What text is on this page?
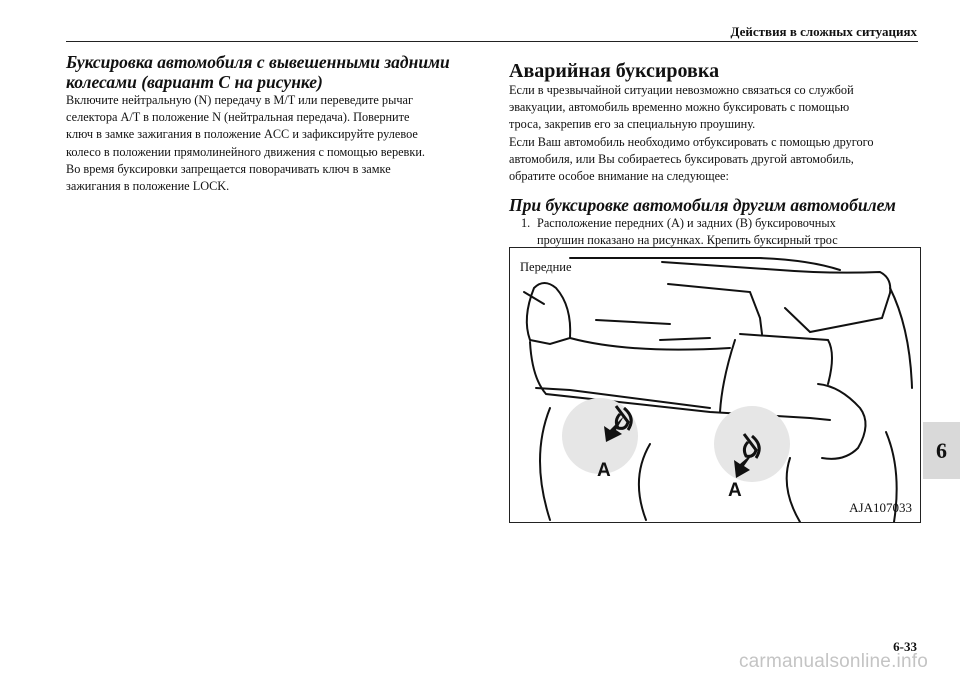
Действия в сложных ситуациях
Буксировка автомобиля с вывешенными задними
колесами (вариант C на рисунке)
Включите нейтральную (N) передачу в M/T или переведите рычаг
селектора A/T в положение N (нейтральная передача). Поверните
ключ в замке зажигания в положение ACC и зафиксируйте рулевое
колесо в положении прямолинейного движения с помощью веревки.
Во время буксировки запрещается поворачивать ключ в замке
зажигания в положение LOCK.
Аварийная буксировка
Если в чрезвычайной ситуации невозможно связаться со службой
эвакуации, автомобиль временно можно буксировать с помощью
троса, закрепив его за специальную проушину.
Если Ваш автомобиль необходимо отбуксировать с помощью другого
автомобиля, или Вы собираетесь буксировать другой автомобиль,
обратите особое внимание на следующее:
При буксировке автомобиля другим автомобилем
1. Расположение передних (A) и задних (B) буксировочных
проушин показано на рисунках. Крепить буксирный трос

A
A
Передние
AJA107033
6
6-33
carmanualsonline.info
